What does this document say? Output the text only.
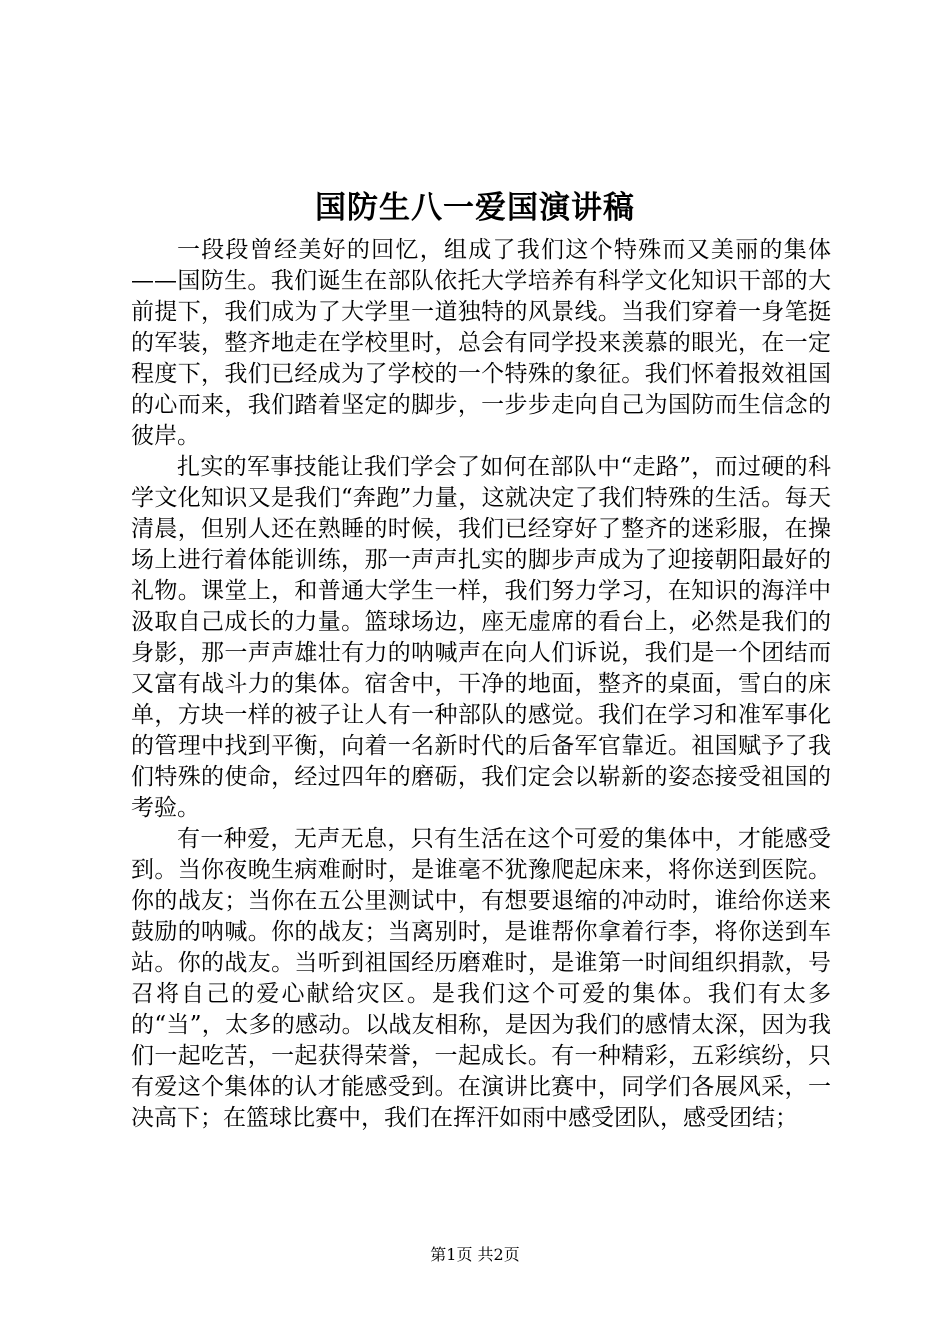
国防生八一爱国演讲稿

一段段曾经美好的回忆，组成了我们这个特殊而又美丽的集体——国防生。我们诞生在部队依托大学培养有科学文化知识干部的大前提下，我们成为了大学里一道独特的风景线。当我们穿着一身笔挺的军装，整齐地走在学校里时，总会有同学投来羡慕的眼光，在一定程度下，我们已经成为了学校的一个特殊的象征。我们怀着报效祖国的心而来，我们踏着坚定的脚步，一步步走向自己为国防而生信念的彼岸。

扎实的军事技能让我们学会了如何在部队中“走路”，而过硬的科学文化知识又是我们“奔跑”力量，这就决定了我们特殊的生活。每天清晨，但别人还在熟睡的时候，我们已经穿好了整齐的迷彩服，在操场上进行着体能训练，那一声声扎实的脚步声成为了迎接朝阳最好的礼物。课堂上，和普通大学生一样，我们努力学习，在知识的海洋中汲取自己成长的力量。篮球场边，座无虚席的看台上，必然是我们的身影，那一声声雄壮有力的呐喊声在向人们诉说，我们是一个团结而又富有战斗力的集体。宿舍中，干净的地面，整齐的桌面，雪白的床单，方块一样的被子让人有一种部队的感觉。我们在学习和准军事化的管理中找到平衡，向着一名新时代的后备军官靠近。祖国赋予了我们特殊的使命，经过四年的磨砺，我们定会以崭新的姿态接受祖国的考验。

有一种爱，无声无息，只有生活在这个可爱的集体中，才能感受到。当你夜晚生病难耐时，是谁毫不犹豫爬起床来，将你送到医院。你的战友；当你在五公里测试中，有想要退缩的冲动时，谁给你送来鼓励的呐喊。你的战友；当离别时，是谁帮你拿着行李，将你送到车站。你的战友。当听到祖国经历磨难时，是谁第一时间组织捐款，号召将自己的爱心献给灾区。是我们这个可爱的集体。我们有太多的“当”，太多的感动。以战友相称，是因为我们的感情太深，因为我们一起吃苦，一起获得荣誉，一起成长。有一种精彩，五彩缤纷，只有爱这个集体的认才能感受到。在演讲比赛中，同学们各展风采，一决高下；在篮球比赛中，我们在挥汗如雨中感受团队，感受团结；

第1页 共2页
